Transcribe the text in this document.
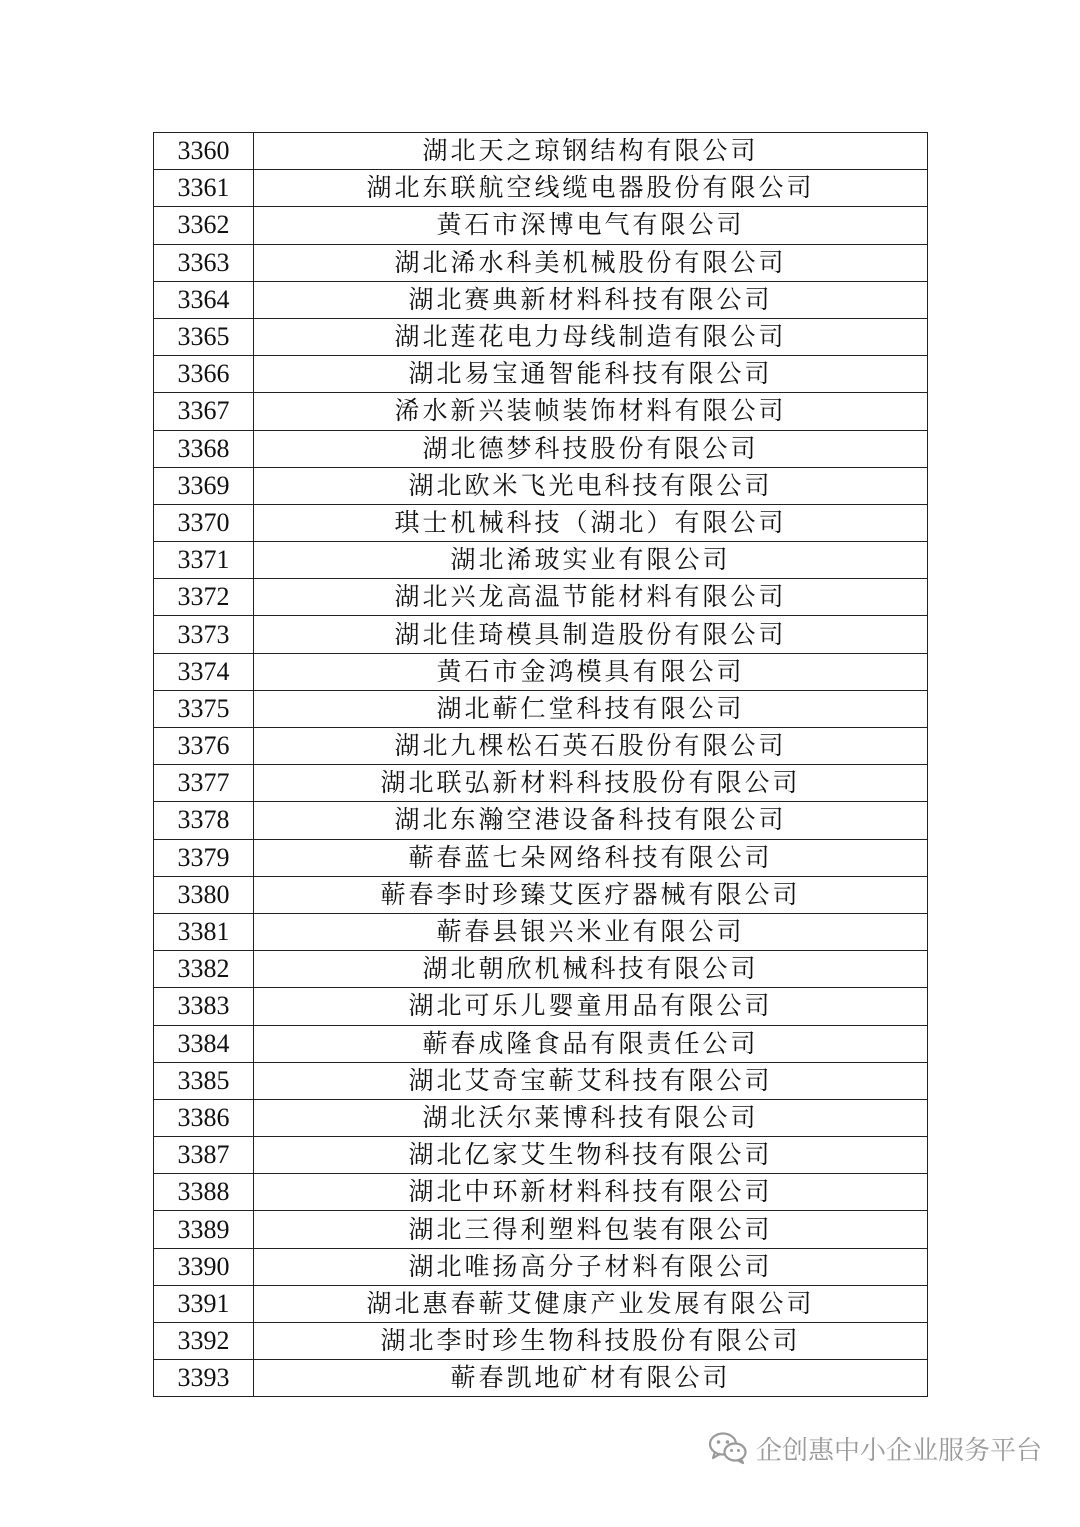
3360	湖北天之琼钢结构有限公司
3361	湖北东联航空线缆电器股份有限公司
3362	黄石市深博电气有限公司
3363	湖北浠水科美机械股份有限公司
3364	湖北赛典新材料科技有限公司
3365	湖北莲花电力母线制造有限公司
3366	湖北易宝通智能科技有限公司
3367	浠水新兴装帧装饰材料有限公司
3368	湖北德梦科技股份有限公司
3369	湖北欧米飞光电科技有限公司
3370	琪士机械科技（湖北）有限公司
3371	湖北浠玻实业有限公司
3372	湖北兴龙高温节能材料有限公司
3373	湖北佳琦模具制造股份有限公司
3374	黄石市金鸿模具有限公司
3375	湖北蕲仁堂科技有限公司
3376	湖北九棵松石英石股份有限公司
3377	湖北联弘新材料科技股份有限公司
3378	湖北东瀚空港设备科技有限公司
3379	蕲春蓝七朵网络科技有限公司
3380	蕲春李时珍臻艾医疗器械有限公司
3381	蕲春县银兴米业有限公司
3382	湖北朝欣机械科技有限公司
3383	湖北可乐儿婴童用品有限公司
3384	蕲春成隆食品有限责任公司
3385	湖北艾奇宝蕲艾科技有限公司
3386	湖北沃尔莱博科技有限公司
3387	湖北亿家艾生物科技有限公司
3388	湖北中环新材料科技有限公司
3389	湖北三得利塑料包装有限公司
3390	湖北唯扬高分子材料有限公司
3391	湖北惠春蕲艾健康产业发展有限公司
3392	湖北李时珍生物科技股份有限公司
3393	蕲春凯地矿材有限公司
企创惠中小企业服务平台
